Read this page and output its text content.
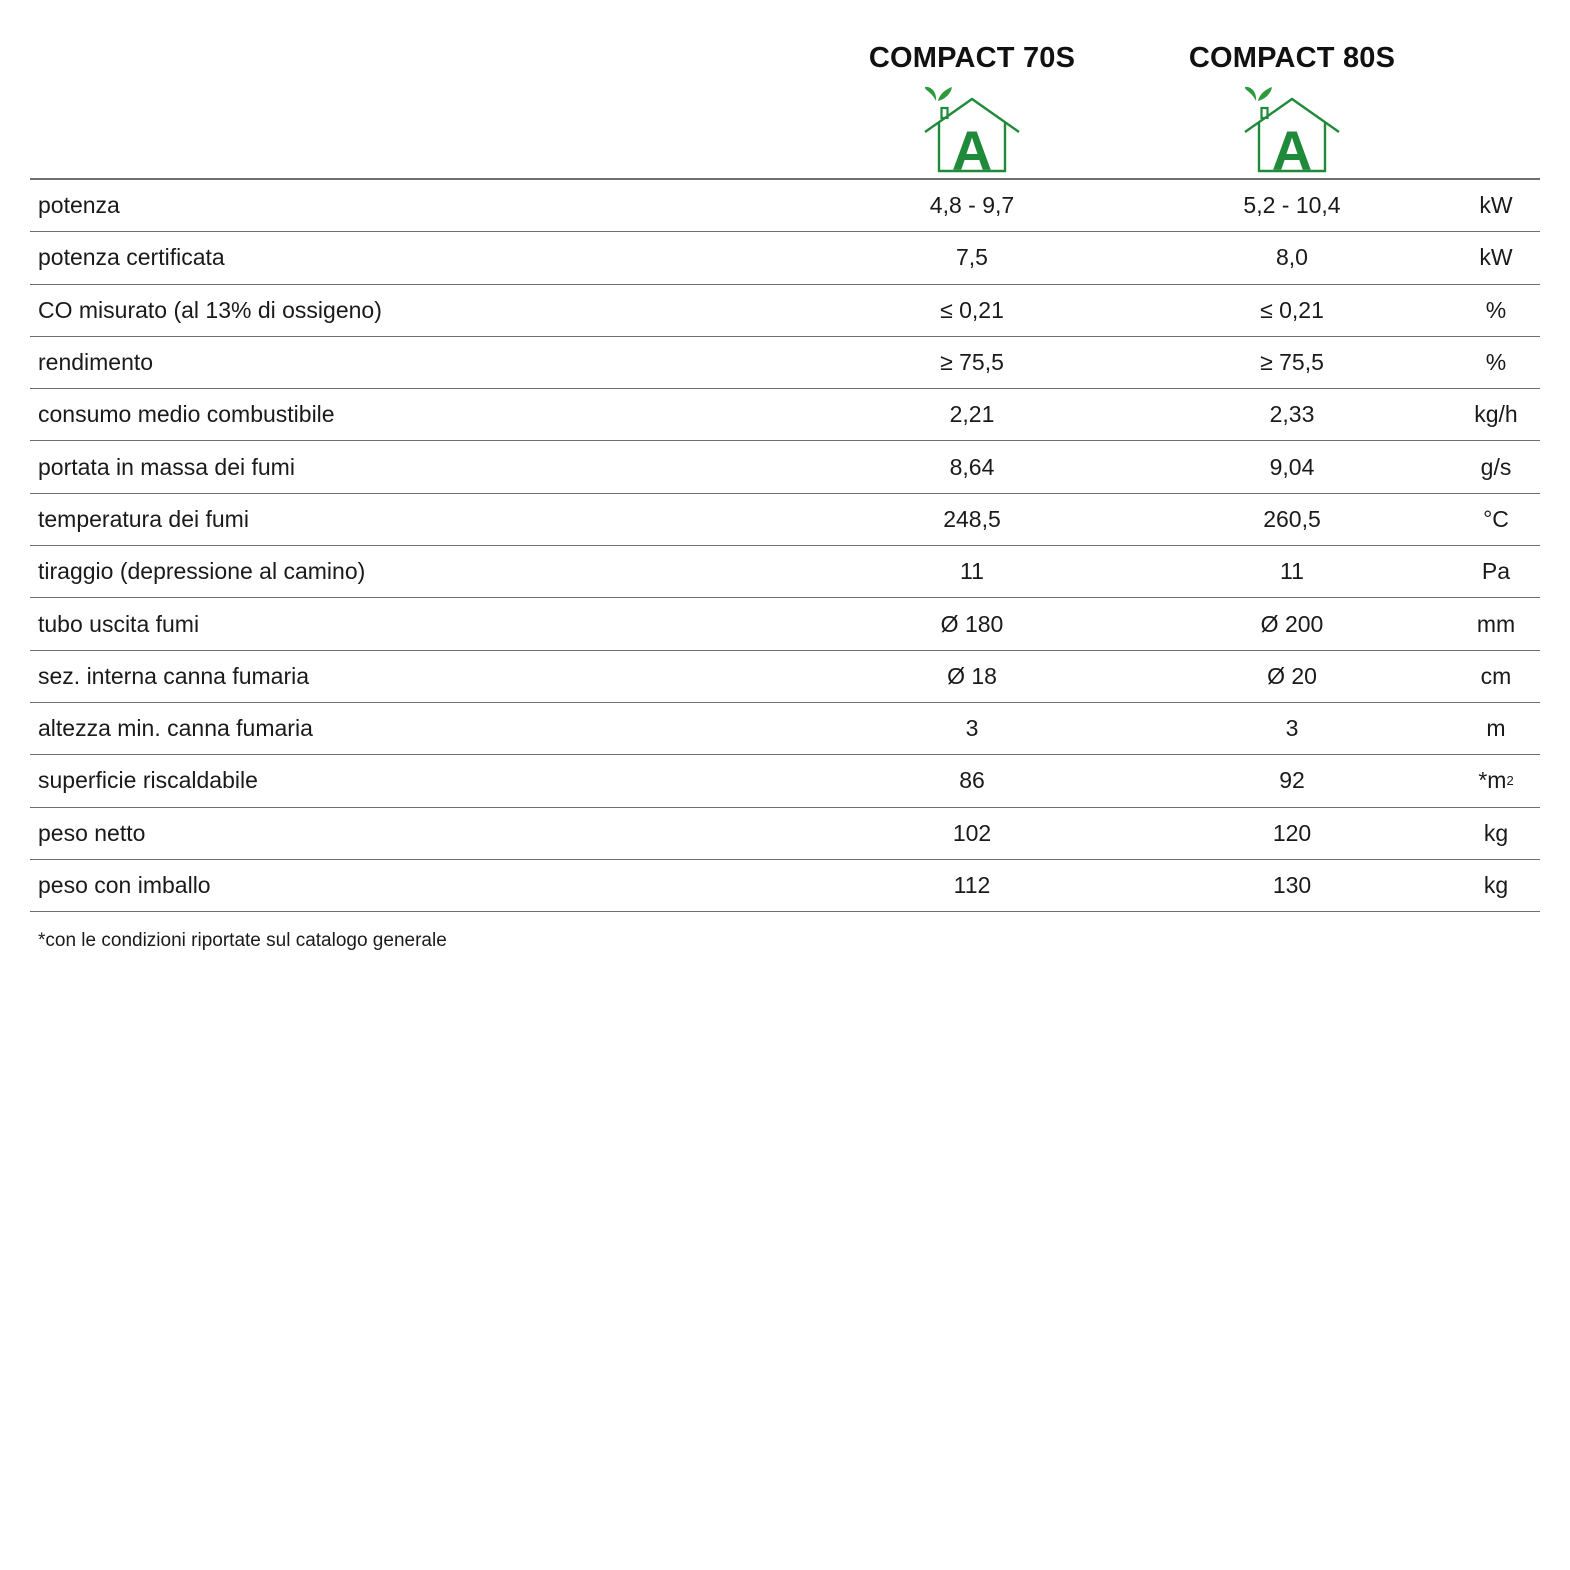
COMPACT 70S
A
COMPACT 80S
A
potenza	4,8 - 9,7	5,2 - 10,4	kW
potenza certificata	7,5	8,0	kW
CO misurato (al 13% di ossigeno)	≤ 0,21	≤ 0,21	%
rendimento	≥ 75,5	≥ 75,5	%
consumo medio combustibile	2,21	2,33	kg/h
portata in massa dei fumi	8,64	9,04	g/s
temperatura dei fumi	248,5	260,5	°C
tiraggio (depressione al camino)	11	11	Pa
tubo uscita fumi	Ø 180	Ø 200	mm
sez. interna canna fumaria	Ø 18	Ø 20	cm
altezza min. canna fumaria	3	3	m
superficie riscaldabile	86	92	*m 2
peso netto	102	120	kg
peso con imballo	112	130	kg
*con le condizioni riportate sul catalogo generale
